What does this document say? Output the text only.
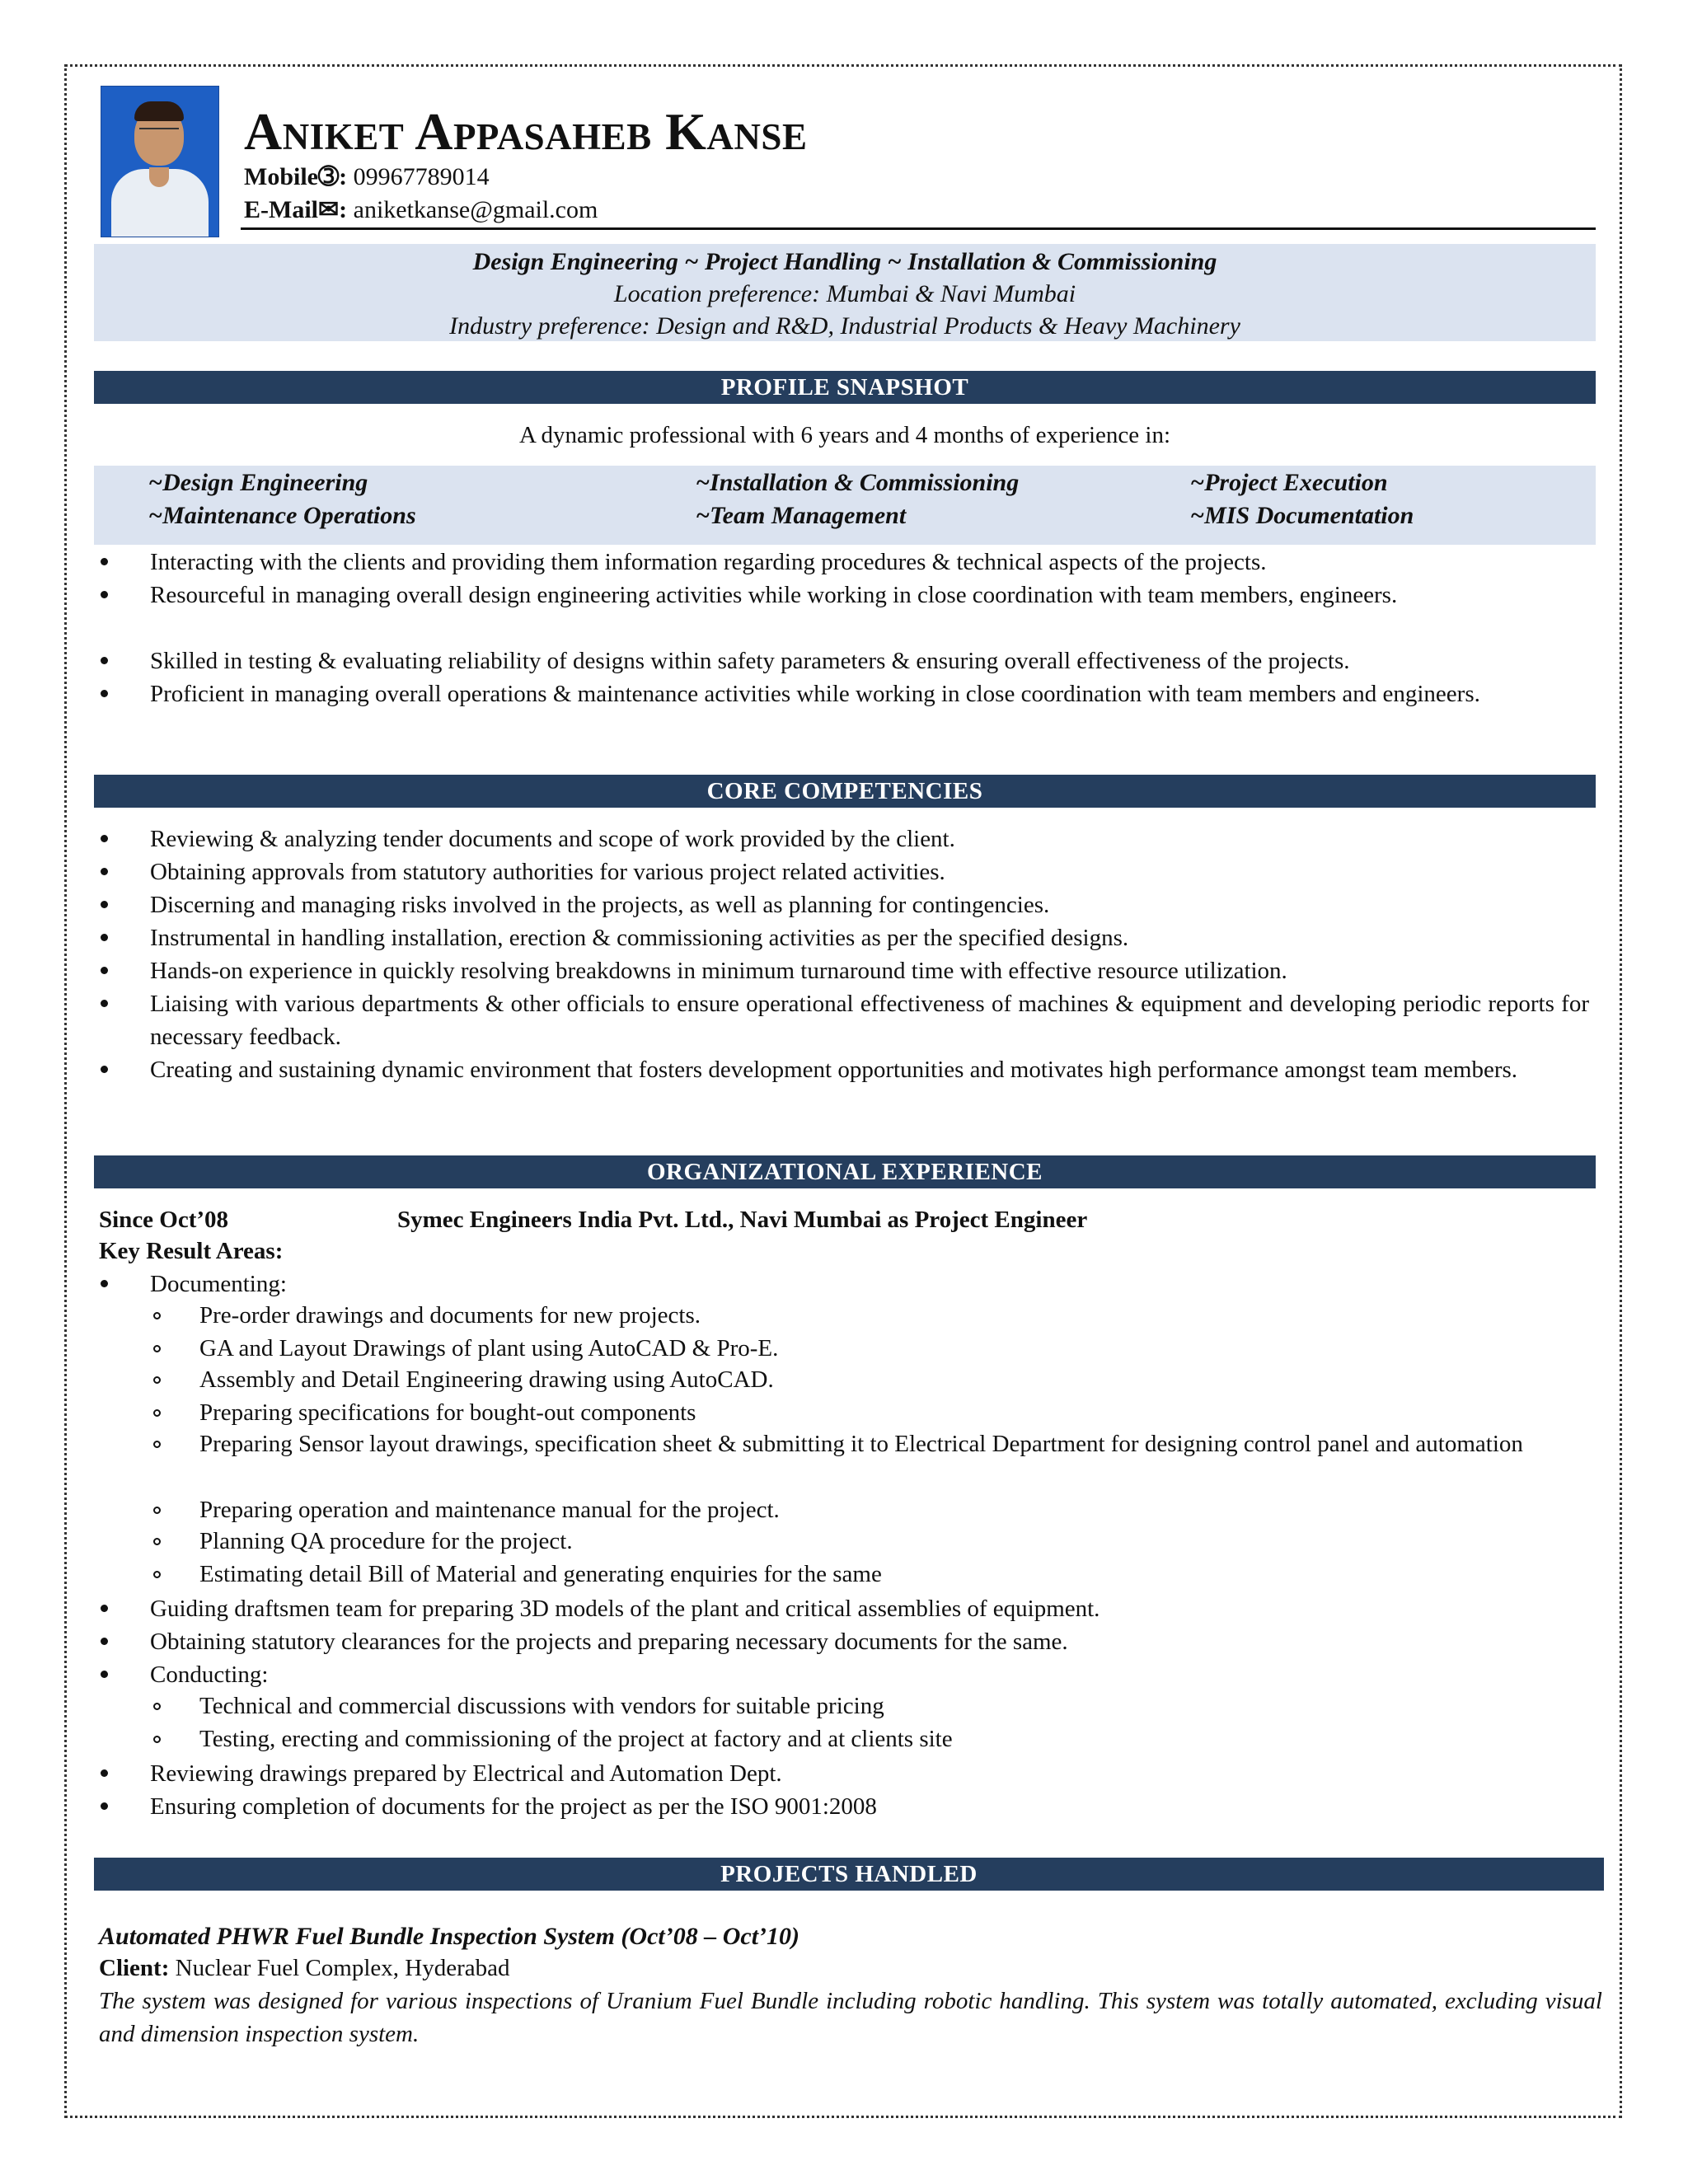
Aniket Appasaheb Kanse
Mobile➂: 09967789014
E-Mail✉: aniketkanse@gmail.com
Design Engineering ~ Project Handling ~ Installation & Commissioning
Location preference: Mumbai & Navi Mumbai
Industry preference: Design and R&D, Industrial Products & Heavy Machinery
PROFILE SNAPSHOT
A dynamic professional with 6 years and 4 months of experience in:
~Design Engineering	~Installation & Commissioning	~Project Execution
~Maintenance Operations	~Team Management	~MIS Documentation
Interacting with the clients and providing them information regarding procedures & technical aspects of the projects.
Resourceful in managing overall design engineering activities while working in close coordination with team members, engineers.
Skilled in testing & evaluating reliability of designs within safety parameters & ensuring overall effectiveness of the projects.
Proficient in managing overall operations & maintenance activities while working in close coordination with team members and engineers.
CORE COMPETENCIES
Reviewing & analyzing tender documents and scope of work provided by the client.
Obtaining approvals from statutory authorities for various project related activities.
Discerning and managing risks involved in the projects, as well as planning for contingencies.
Instrumental in handling installation, erection & commissioning activities as per the specified designs.
Hands-on experience in quickly resolving breakdowns in minimum turnaround time with effective resource utilization.
Liaising with various departments & other officials to ensure operational effectiveness of machines & equipment and developing periodic reports for necessary feedback.
Creating and sustaining dynamic environment that fosters development opportunities and motivates high performance amongst team members.
ORGANIZATIONAL EXPERIENCE
Since Oct’08	Symec Engineers India Pvt. Ltd., Navi Mumbai as Project Engineer
Key Result Areas:
Documenting:
Pre-order drawings and documents for new projects.
GA and Layout Drawings of plant using AutoCAD & Pro-E.
Assembly and Detail Engineering drawing using AutoCAD.
Preparing specifications for bought-out components
Preparing Sensor layout drawings, specification sheet & submitting it to Electrical Department for designing control panel and automation
Preparing operation and maintenance manual for the project.
Planning QA procedure for the project.
Estimating detail Bill of Material and generating enquiries for the same
Guiding draftsmen team for preparing 3D models of the plant and critical assemblies of equipment.
Obtaining statutory clearances for the projects and preparing necessary documents for the same.
Conducting:
Technical and commercial discussions with vendors for suitable pricing
Testing, erecting and commissioning of the project at factory and at clients site
Reviewing drawings prepared by Electrical and Automation Dept.
Ensuring completion of documents for the project as per the ISO 9001:2008
PROJECTS HANDLED
Automated PHWR Fuel Bundle Inspection System (Oct’08 – Oct’10)
Client: Nuclear Fuel Complex, Hyderabad
The system was designed for various inspections of Uranium Fuel Bundle including robotic handling. This system was totally automated, excluding visual and dimension inspection system.
